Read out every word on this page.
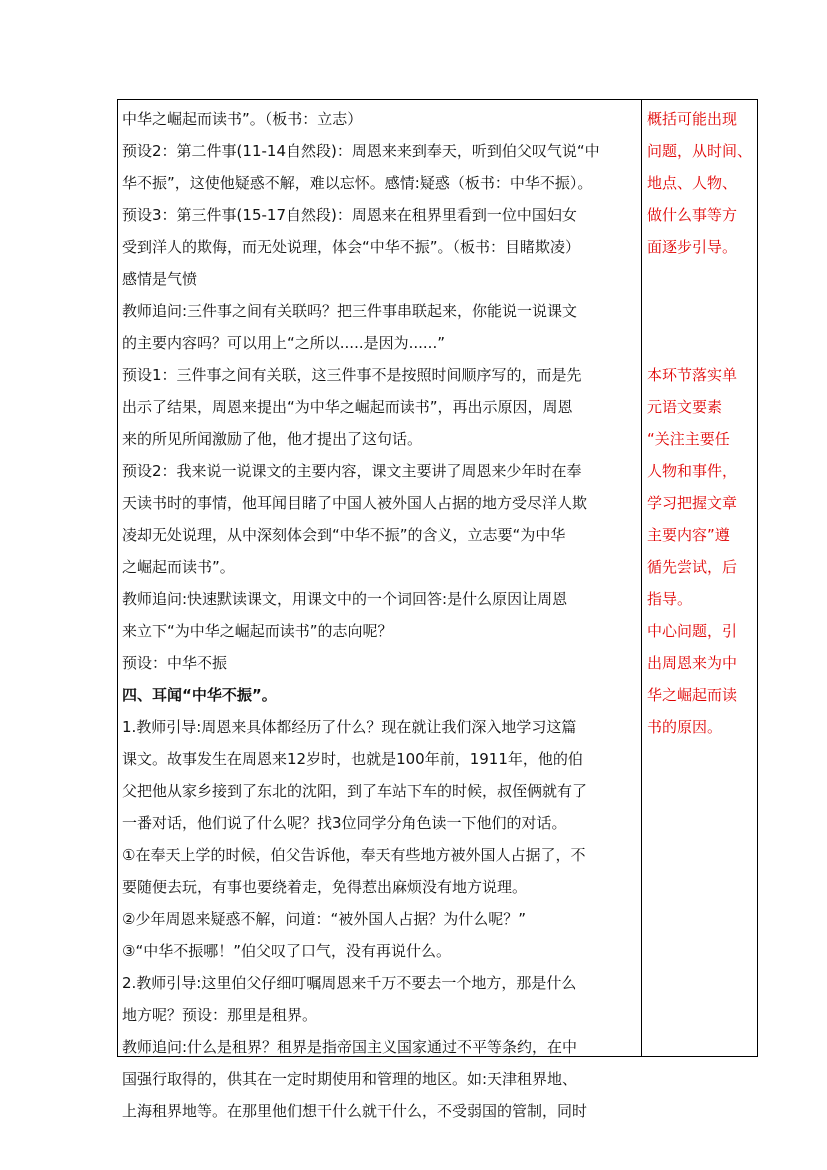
中华之崛起而读书”。（板书：立志）
预设2：第二件事(11-14自然段)：周恩来来到奉天，听到伯父叹气说“中
华不振”，这使他疑惑不解，难以忘怀。感情:疑惑（板书：中华不振）。
预设3：第三件事(15-17自然段)：周恩来在租界里看到一位中国妇女
受到洋人的欺侮，而无处说理，体会“中华不振”。（板书：目睹欺凌）
感情是气愤
教师追问:三件事之间有关联吗？把三件事串联起来，你能说一说课文
的主要内容吗？可以用上“之所以.....是因为......”
预设1：三件事之间有关联，这三件事不是按照时间顺序写的，而是先
出示了结果，周恩来提出“为中华之崛起而读书”，再出示原因，周恩
来的所见所闻激励了他，他才提出了这句话。
预设2：我来说一说课文的主要内容，课文主要讲了周恩来少年时在奉
天读书时的事情，他耳闻目睹了中国人被外国人占据的地方受尽洋人欺
凌却无处说理，从中深刻体会到“中华不振”的含义，立志要“为中华
之崛起而读书”。
教师追问:快速默读课文，用课文中的一个词回答:是什么原因让周恩
来立下“为中华之崛起而读书”的志向呢？
预设：中华不振
四、耳闻“中华不振”。
1.教师引导:周恩来具体都经历了什么？现在就让我们深入地学习这篇
课文。故事发生在周恩来12岁时，也就是100年前，1911年，他的伯
父把他从家乡接到了东北的沈阳，到了车站下车的时候，叔侄俩就有了
一番对话，他们说了什么呢？找3位同学分角色读一下他们的对话。
①在奉天上学的时候，伯父告诉他，奉天有些地方被外国人占据了，不
要随便去玩，有事也要绕着走，免得惹出麻烦没有地方说理。
②少年周恩来疑惑不解，问道：“被外国人占据？为什么呢？”
③“中华不振哪！”伯父叹了口气，没有再说什么。
2.教师引导:这里伯父仔细叮嘱周恩来千万不要去一个地方，那是什么
地方呢？预设：那里是租界。
教师追问:什么是租界？租界是指帝国主义国家通过不平等条约，在中
国强行取得的，供其在一定时期使用和管理的地区。如:天津租界地、
上海租界地等。在那里他们想干什么就干什么，不受弱国的管制，同时
概括可能出现
问题，从时间、
地点、人物、
做什么事等方
面逐步引导。
本环节落实单
元语文要素
“关注主要任
人物和事件，
学习把握文章
主要内容”遵
循先尝试，后
指导。
中心问题，引
出周恩来为中
华之崛起而读
书的原因。
